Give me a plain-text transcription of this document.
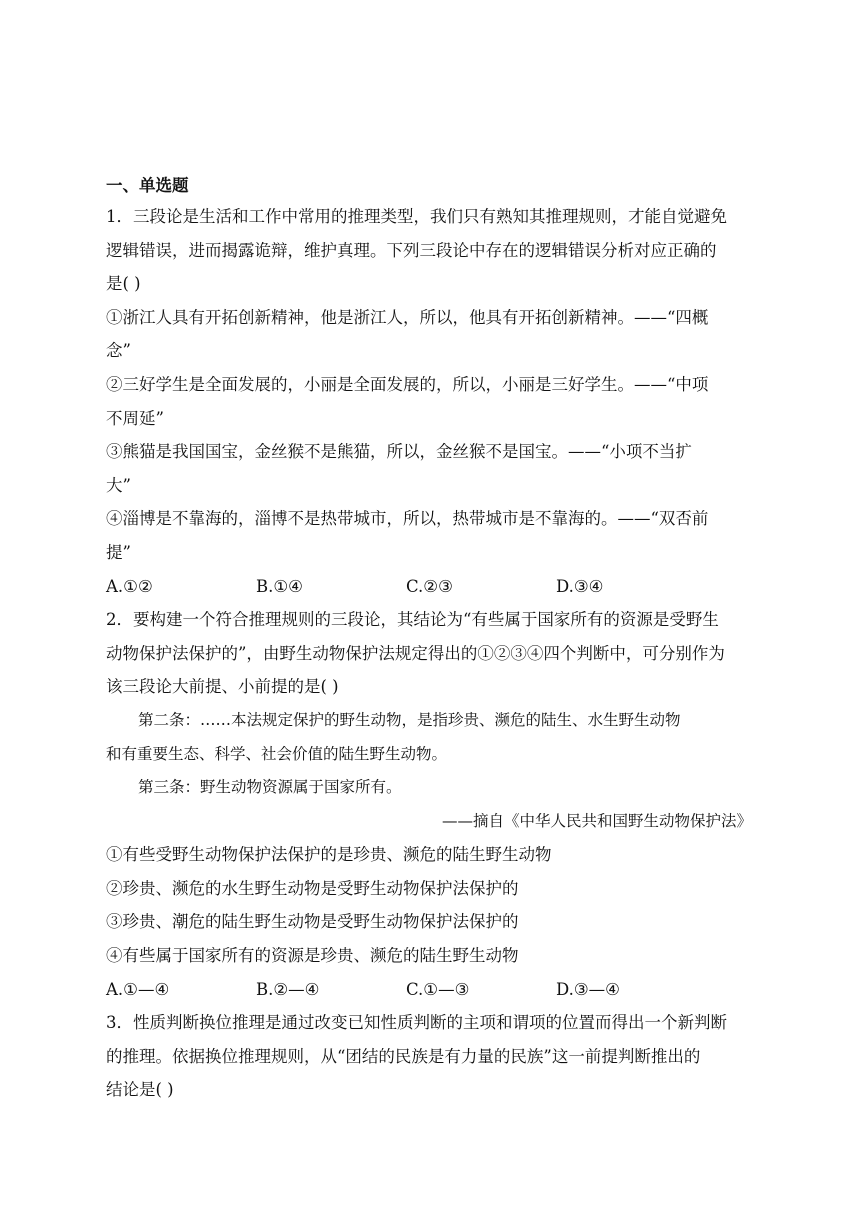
一、单选题
1．三段论是生活和工作中常用的推理类型，我们只有熟知其推理规则，才能自觉避免
逻辑错误，进而揭露诡辩，维护真理。下列三段论中存在的逻辑错误分析对应正确的
是( )
①浙江人具有开拓创新精神，他是浙江人，所以，他具有开拓创新精神。——“四概
念”
②三好学生是全面发展的，小丽是全面发展的，所以，小丽是三好学生。——“中项
不周延”
③熊猫是我国国宝，金丝猴不是熊猫，所以，金丝猴不是国宝。——“小项不当扩
大”
④淄博是不靠海的，淄博不是热带城市，所以，热带城市是不靠海的。——“双否前
提”
A.①②	B.①④	C.②③	D.③④
2．要构建一个符合推理规则的三段论，其结论为“有些属于国家所有的资源是受野生
动物保护法保护的”，由野生动物保护法规定得出的①②③④四个判断中，可分别作为
该三段论大前提、小前提的是( )
第二条：……本法规定保护的野生动物，是指珍贵、濒危的陆生、水生野生动物
和有重要生态、科学、社会价值的陆生野生动物。
第三条：野生动物资源属于国家所有。
——摘自《中华人民共和国野生动物保护法》
①有些受野生动物保护法保护的是珍贵、濒危的陆生野生动物
②珍贵、濒危的水生野生动物是受野生动物保护法保护的
③珍贵、潮危的陆生野生动物是受野生动物保护法保护的
④有些属于国家所有的资源是珍贵、濒危的陆生野生动物
A.①—④	B.②—④	C.①—③	D.③—④
3．性质判断换位推理是通过改变已知性质判断的主项和谓项的位置而得出一个新判断
的推理。依据换位推理规则，从“团结的民族是有力量的民族”这一前提判断推出的
结论是( )
